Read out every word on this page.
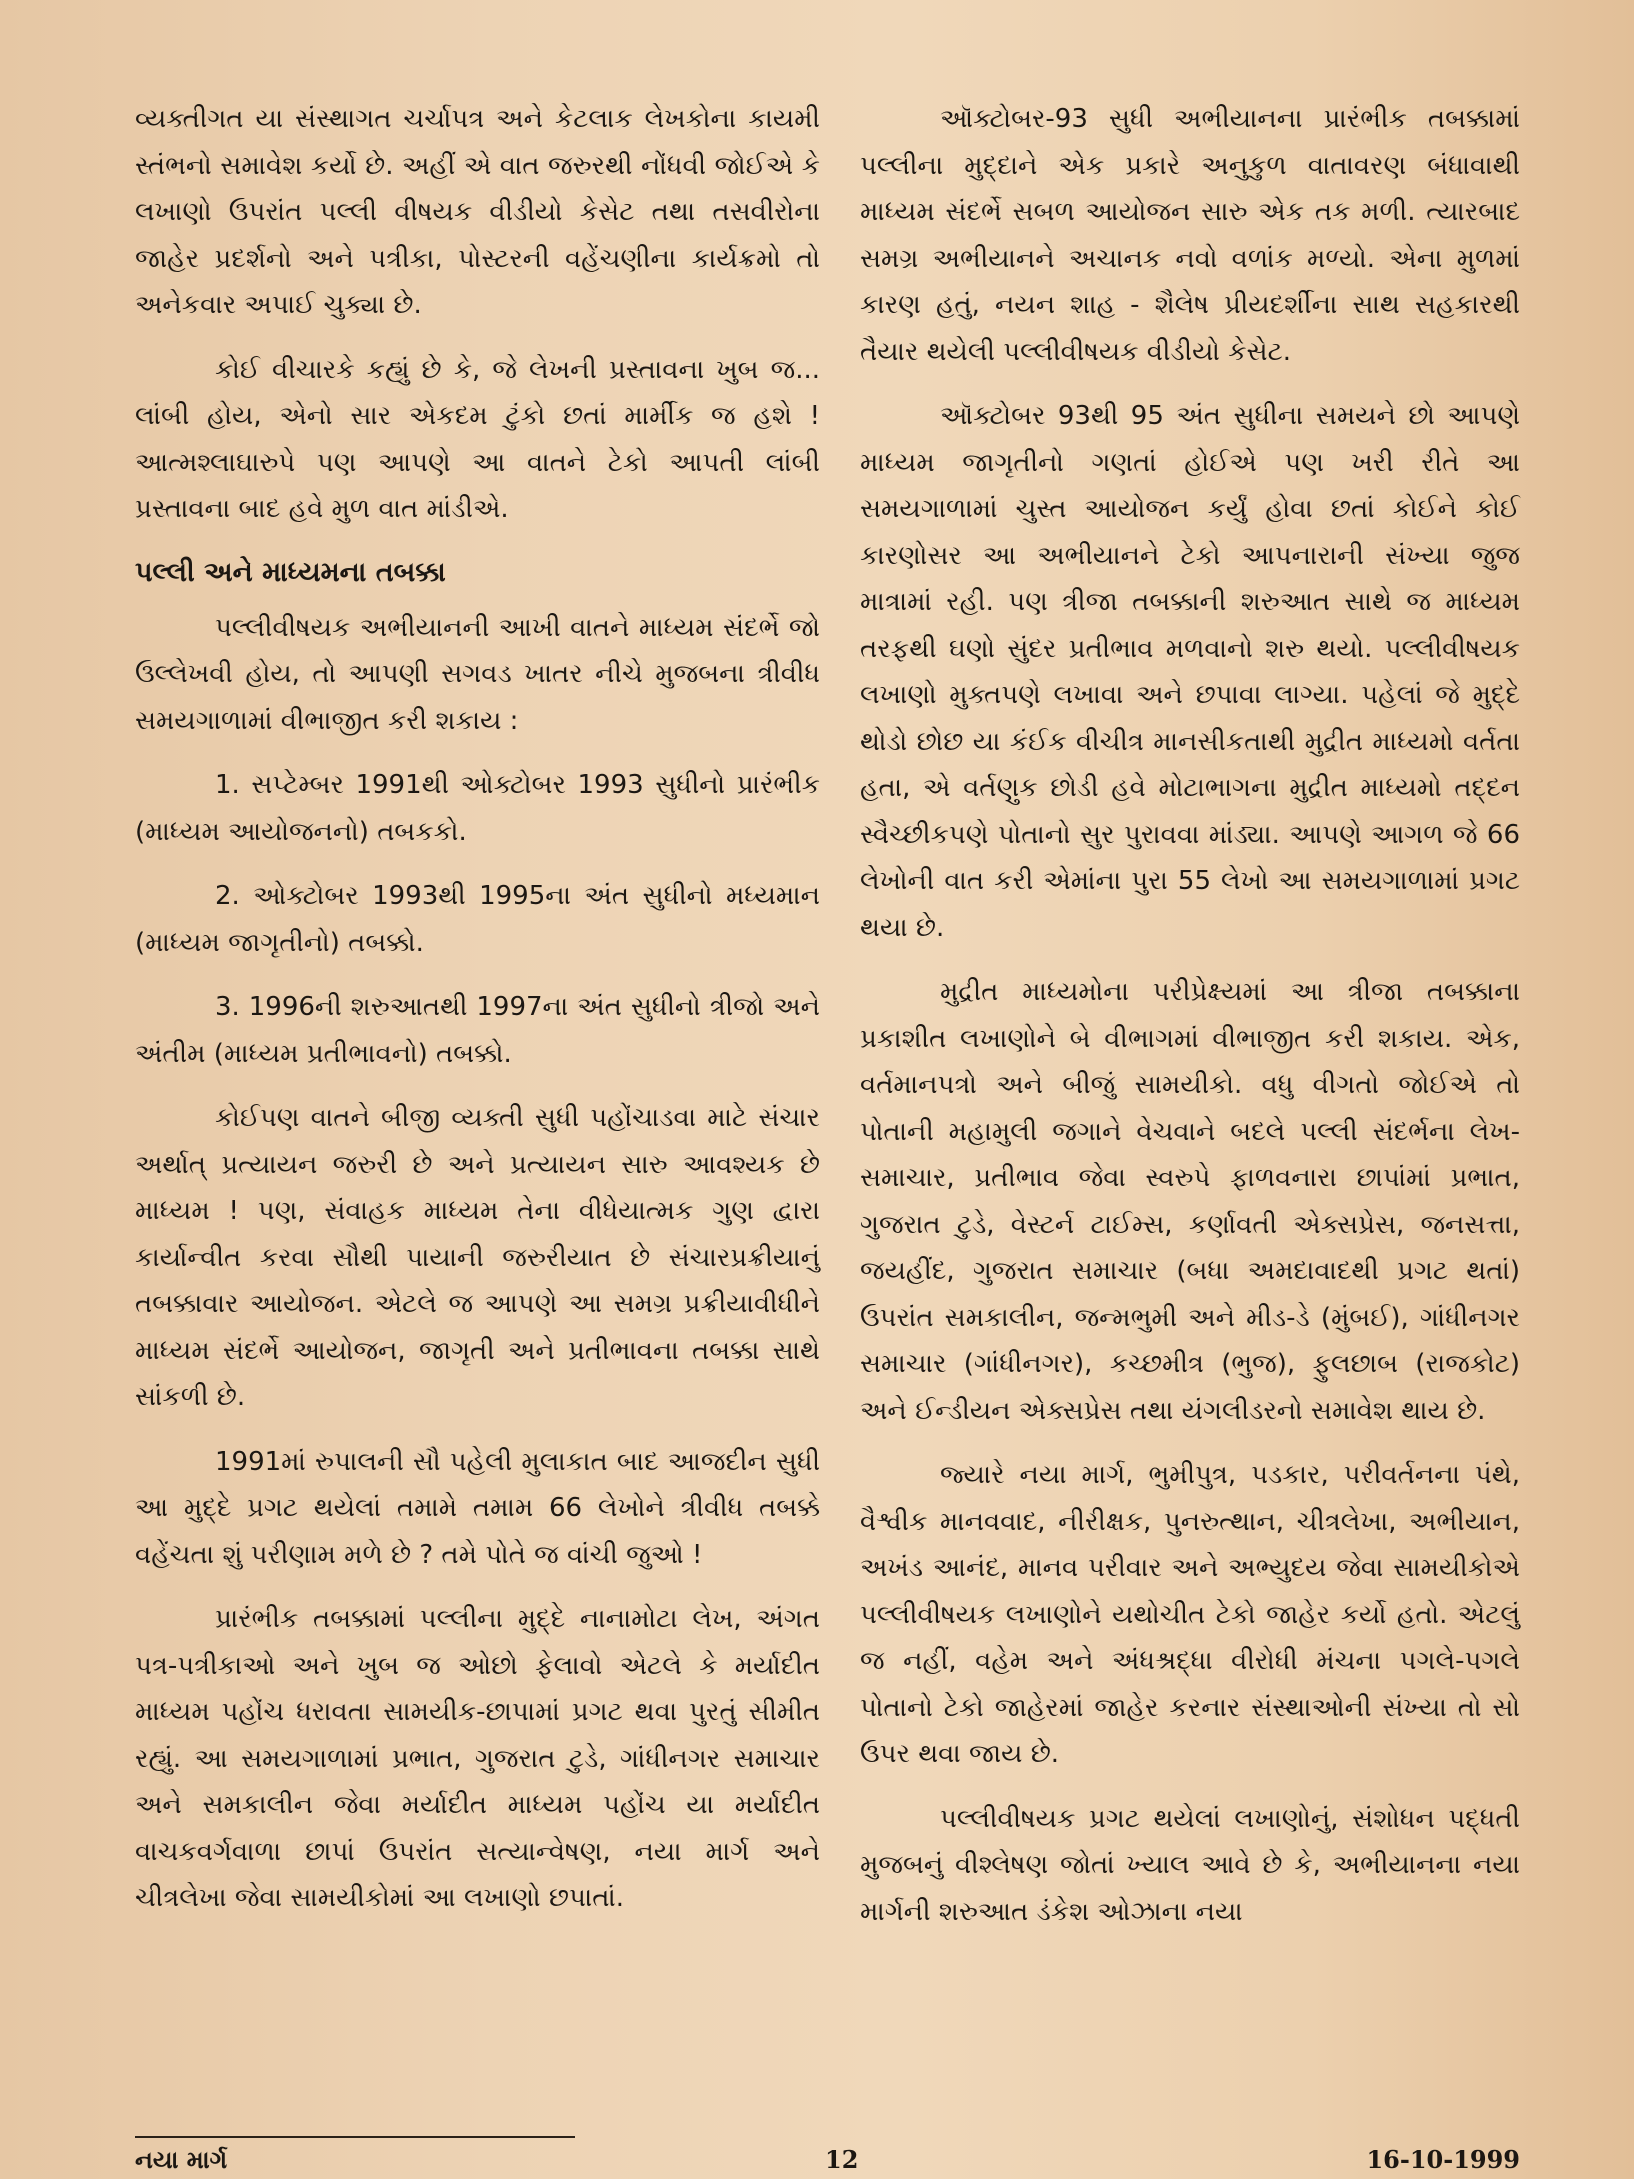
વ્યક્તીગત યા સંસ્થાગત ચર્ચાપત્ર અને કેટલાક લેખકોના કાયમી સ્તંભનો સમાવેશ કર્યો છે. અહીં એ વાત જરુરથી નોંધવી જોઈએ કે લખાણો ઉપરાંત પલ્લી વીષયક વીડીયો કેસેટ તથા તસવીરોના જાહેર પ્રદર્શનો અને પત્રીકા, પોસ્ટરની વહેંચણીના કાર્યક્રમો તો અનેકવાર અપાઈ ચુક્યા છે.

કોઈ વીચારકે કહ્યું છે કે, જે લેખની પ્રસ્તાવના ખુબ જ... લાંબી હોય, એનો સાર એકદમ ટુંકો છતાં માર્મીક જ હશે ! આત્મશ્લાઘારુપે પણ આપણે આ વાતને ટેકો આપતી લાંબી પ્રસ્તાવના બાદ હવે મુળ વાત માંડીએ.

પલ્લી અને માધ્યમના તબક્કા

પલ્લીવીષયક અભીયાનની આખી વાતને માધ્યમ સંદર્ભે જો ઉલ્લેખવી હોય, તો આપણી સગવડ ખાતર નીચે મુજબના ત્રીવીધ સમયગાળામાં વીભાજીત કરી શકાય :

1. સપ્ટેમ્બર 1991થી ઓક્ટોબર 1993 સુધીનો પ્રારંભીક (માધ્યમ આયોજનનો) તબકકો.

2. ઓક્ટોબર 1993થી 1995ના અંત સુધીનો મધ્યમાન (માધ્યમ જાગૃતીનો) તબક્કો.

3. 1996ની શરુઆતથી 1997ના અંત સુધીનો ત્રીજો અને અંતીમ (માધ્યમ પ્રતીભાવનો) તબક્કો.

કોઈપણ વાતને બીજી વ્યક્તી સુધી પહોંચાડવા માટે સંચાર અર્થાત્ પ્રત્યાયન જરુરી છે અને પ્રત્યાયન સારુ આવશ્યક છે માધ્યમ ! પણ, સંવાહક માધ્યમ તેના વીધેયાત્મક ગુણ દ્વારા કાર્યાન્વીત કરવા સૌથી પાયાની જરુરીયાત છે સંચારપ્રક્રીયાનું તબક્કાવાર આયોજન. એટલે જ આપણે આ સમગ્ર પ્રક્રીયાવીધીને માધ્યમ સંદર્ભે આયોજન, જાગૃતી અને પ્રતીભાવના તબક્કા સાથે સાંકળી છે.

1991માં રુપાલની સૌ પહેલી મુલાકાત બાદ આજદીન સુધી આ મુદ્દે પ્રગટ થયેલાં તમામે તમામ 66 લેખોને ત્રીવીધ તબક્કે વહેંચતા શું પરીણામ મળે છે ? તમે પોતે જ વાંચી જુઓ !

પ્રારંભીક તબક્કામાં પલ્લીના મુદ્દે નાનામોટા લેખ, અંગત પત્ર-પત્રીકાઓ અને ખુબ જ ઓછો ફેલાવો એટલે કે મર્યાદીત માધ્યમ પહોંચ ધરાવતા સામયીક-છાપામાં પ્રગટ થવા પુરતું સીમીત રહ્યું. આ સમયગાળામાં પ્રભાત, ગુજરાત ટુડે, ગાંધીનગર સમાચાર અને સમકાલીન જેવા મર્યાદીત માધ્યમ પહોંચ યા મર્યાદીત વાચકવર્ગવાળા છાપાં ઉપરાંત સત્યાન્વેષણ, નયા માર્ગ અને ચીત્રલેખા જેવા સામયીકોમાં આ લખાણો છપાતાં.

ઑક્ટોબર-93 સુધી અભીયાનના પ્રારંભીક તબક્કામાં પલ્લીના મુદ્દાને એક પ્રકારે અનુકુળ વાતાવરણ બંધાવાથી માધ્યમ સંદર્ભે સબળ આયોજન સારુ એક તક મળી. ત્યારબાદ સમગ્ર અભીયાનને અચાનક નવો વળાંક મળ્યો. એના મુળમાં કારણ હતું, નયન શાહ - શૈલેષ પ્રીયદર્શીના સાથ સહકારથી તૈયાર થયેલી પલ્લીવીષયક વીડીયો કેસેટ.

ઑક્ટોબર 93થી 95 અંત સુધીના સમયને છો આપણે માધ્યમ જાગૃતીનો ગણતાં હોઈએ પણ ખરી રીતે આ સમયગાળામાં ચુસ્ત આયોજન કર્યું હોવા છતાં કોઈને કોઈ કારણોસર આ અભીયાનને ટેકો આપનારાની સંખ્યા જુજ માત્રામાં રહી. પણ ત્રીજા તબક્કાની શરુઆત સાથે જ માધ્યમ તરફથી ઘણો સુંદર પ્રતીભાવ મળવાનો શરુ થયો. પલ્લીવીષયક લખાણો મુક્તપણે લખાવા અને છપાવા લાગ્યા. પહેલાં જે મુદ્દે થોડો છોછ યા કંઈક વીચીત્ર માનસીકતાથી મુદ્રીત માધ્યમો વર્તતા હતા, એ વર્તણુક છોડી હવે મોટાભાગના મુદ્રીત માધ્યમો તદ્દન સ્વૈચ્છીકપણે પોતાનો સુર પુરાવવા માંડ્યા. આપણે આગળ જે 66 લેખોની વાત કરી એમાંના પુરા 55 લેખો આ સમયગાળામાં પ્રગટ થયા છે.

મુદ્રીત માધ્યમોના પરીપ્રેક્ષ્યમાં આ ત્રીજા તબક્કાના પ્રકાશીત લખાણોને બે વીભાગમાં વીભાજીત કરી શકાય. એક, વર્તમાનપત્રો અને બીજું સામયીકો. વધુ વીગતો જોઈએ તો પોતાની મહામુલી જગાને વેચવાને બદલે પલ્લી સંદર્ભના લેખ-સમાચાર, પ્રતીભાવ જેવા સ્વરુપે ફાળવનારા છાપાંમાં પ્રભાત, ગુજરાત ટુડે, વેસ્ટર્ન ટાઈમ્સ, કર્ણાવતી એક્સપ્રેસ, જનસત્તા, જયહીંદ, ગુજરાત સમાચાર (બધા અમદાવાદથી પ્રગટ થતાં) ઉપરાંત સમકાલીન, જન્મભુમી અને મીડ-ડે (મુંબઈ), ગાંધીનગર સમાચાર (ગાંધીનગર), કચ્છમીત્ર (ભુજ), ફુલછાબ (રાજકોટ) અને ઈન્ડીયન એક્સપ્રેસ તથા યંગલીડરનો સમાવેશ થાય છે.

જ્યારે નયા માર્ગ, ભુમીપુત્ર, પડકાર, પરીવર્તનના પંથે, વૈશ્વીક માનવવાદ, નીરીક્ષક, પુનરુત્થાન, ચીત્રલેખા, અભીયાન, અખંડ આનંદ, માનવ પરીવાર અને અભ્યુદય જેવા સામયીકોએ પલ્લીવીષયક લખાણોને યથોચીત ટેકો જાહેર કર્યો હતો. એટલું જ નહીં, વહેમ અને અંધશ્રદ્ધા વીરોધી મંચના પગલે-પગલે પોતાનો ટેકો જાહેરમાં જાહેર કરનાર સંસ્થાઓની સંખ્યા તો સો ઉપર થવા જાય છે.

પલ્લીવીષયક પ્રગટ થયેલાં લખાણોનું, સંશોધન પદ્ધતી મુજબનું વીશ્લેષણ જોતાં ખ્યાલ આવે છે કે, અભીયાનના નયા માર્ગની શરુઆત ડંકેશ ઓઝાના નયા

નયા માર્ગ	12	16-10-1999
